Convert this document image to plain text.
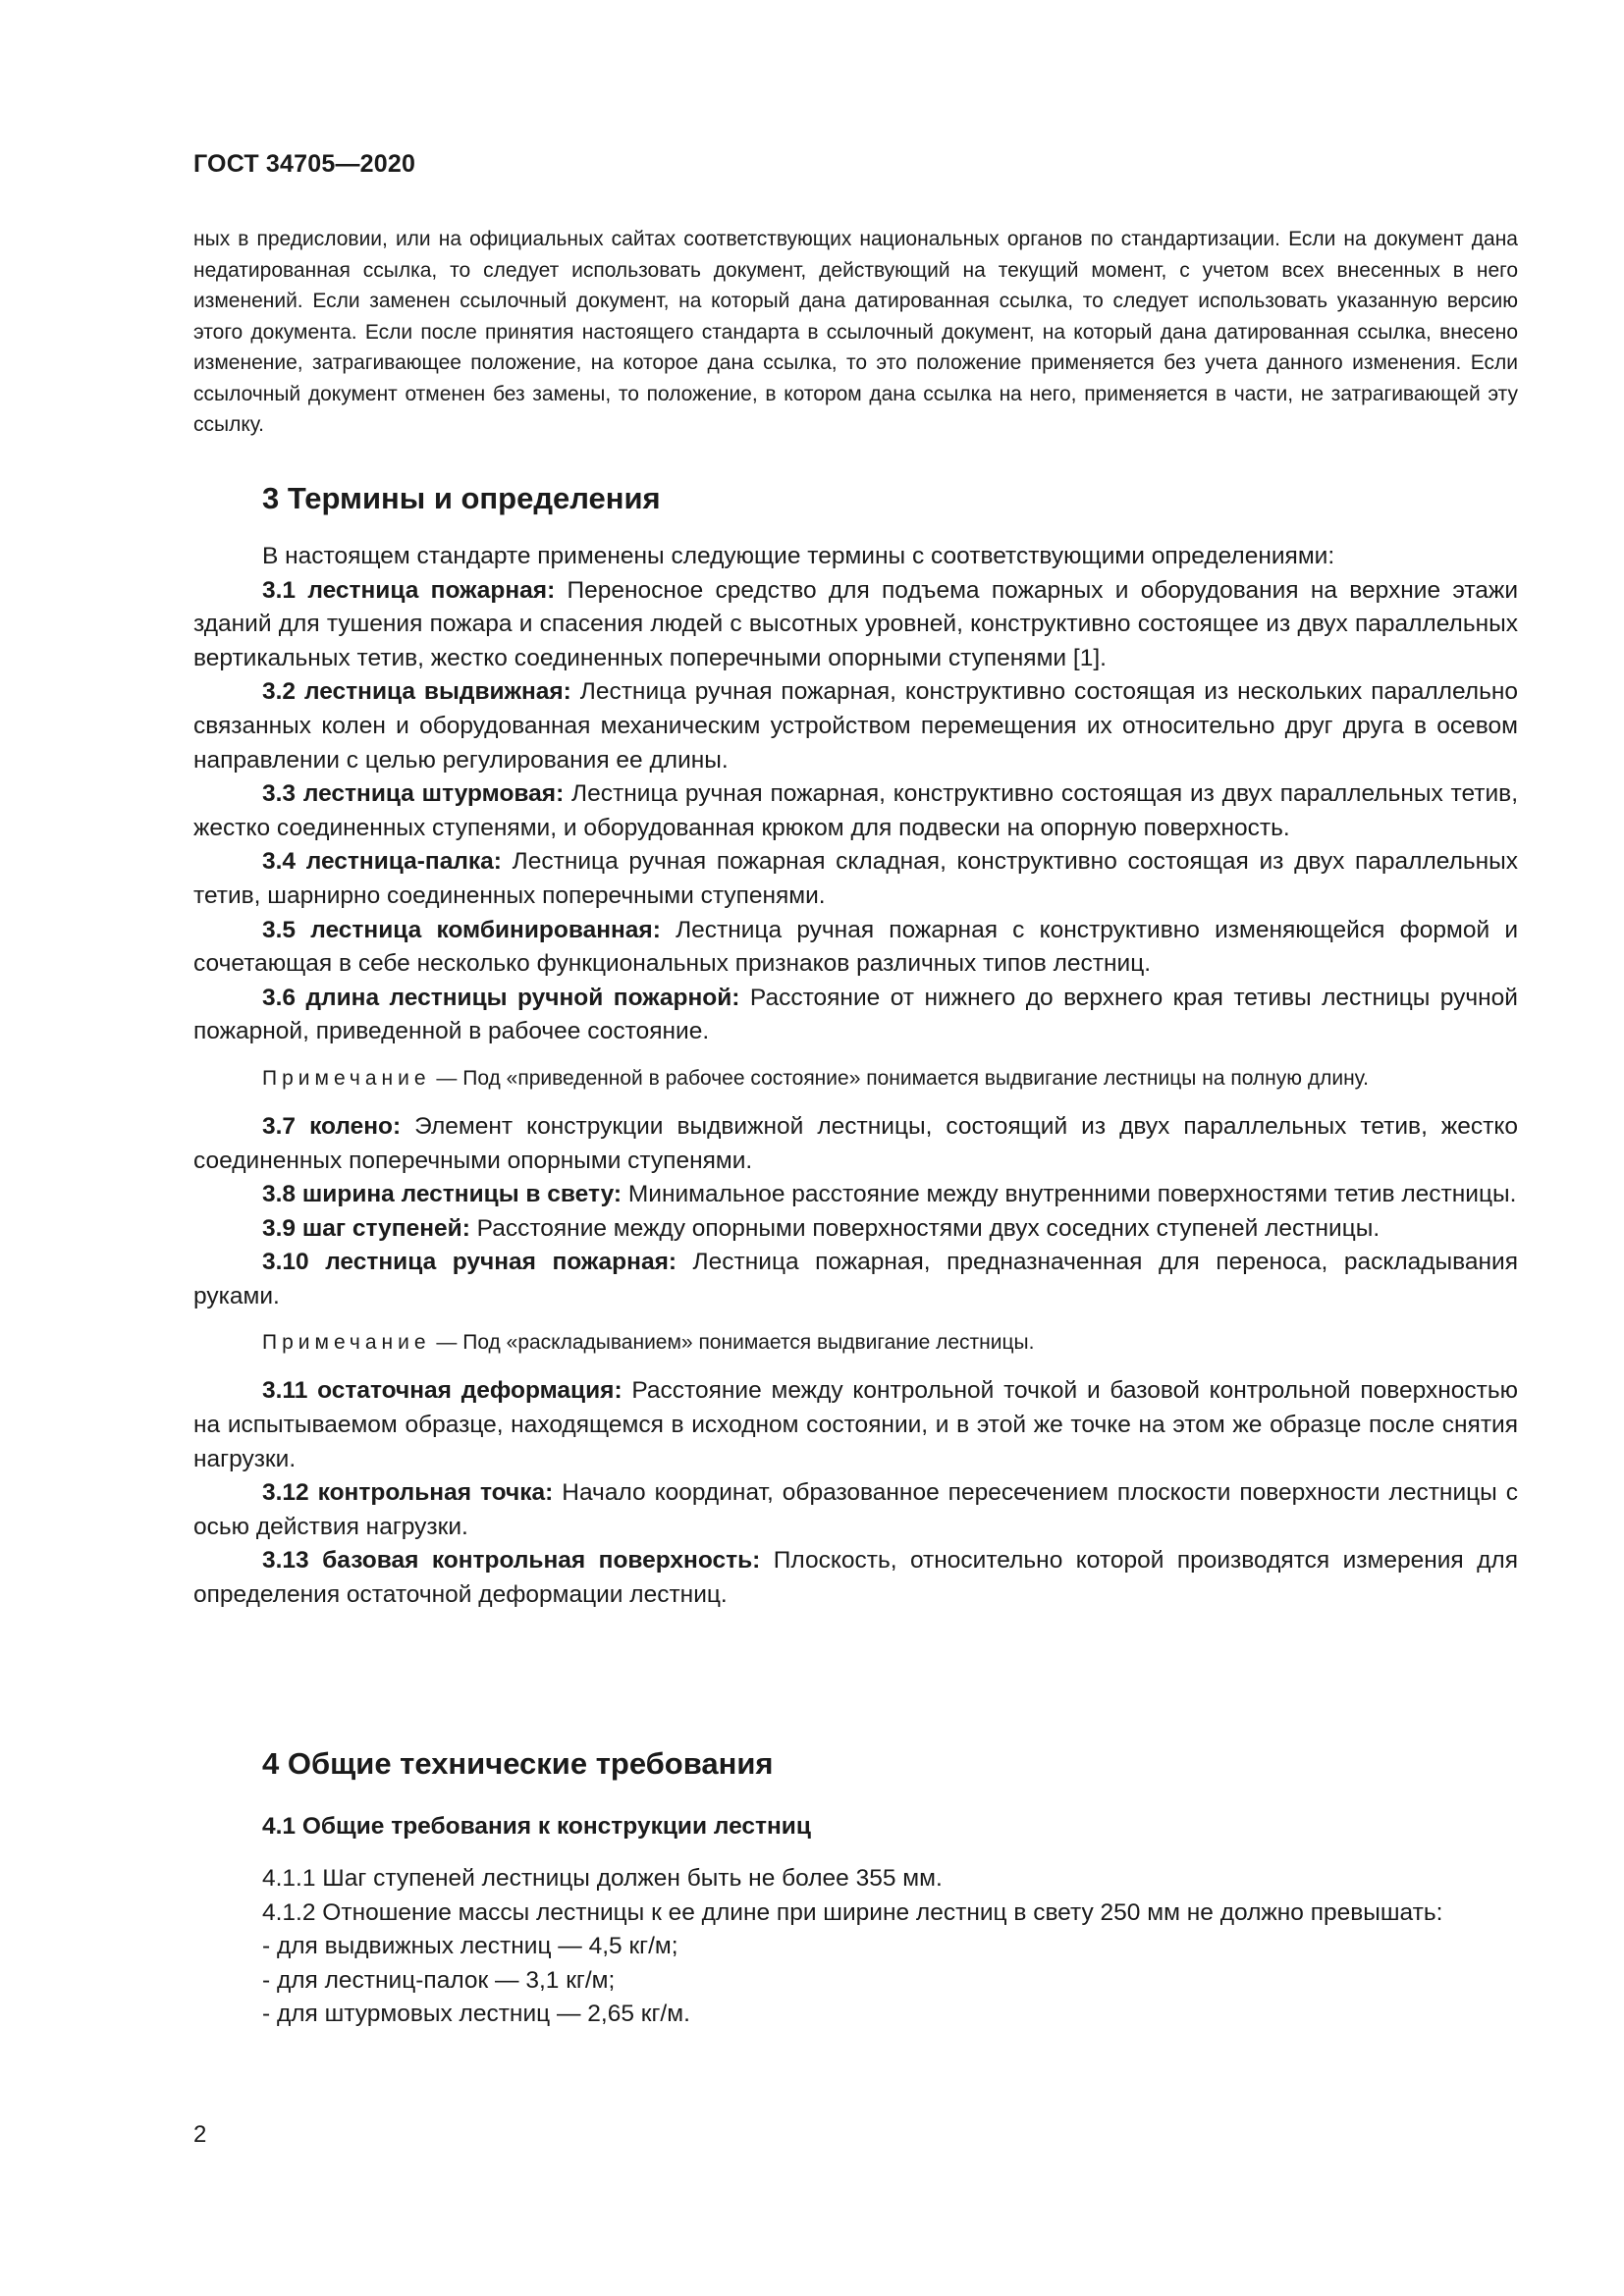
ГОСТ 34705—2020

ных в предисловии, или на официальных сайтах соответствующих национальных органов по стандартизации. Если на документ дана недатированная ссылка, то следует использовать документ, действующий на текущий момент, с учетом всех внесенных в него изменений. Если заменен ссылочный документ, на который дана датированная ссылка, то следует использовать указанную версию этого документа. Если после принятия настоящего стандарта в ссылочный документ, на который дана датированная ссылка, внесено изменение, затрагивающее положение, на которое дана ссылка, то это положение применяется без учета данного изменения. Если ссылочный документ отменен без замены, то положение, в котором дана ссылка на него, применяется в части, не затрагивающей эту ссылку.

3 Термины и определения

В настоящем стандарте применены следующие термины с соответствующими определениями:

3.1 лестница пожарная: Переносное средство для подъема пожарных и оборудования на верхние этажи зданий для тушения пожара и спасения людей с высотных уровней, конструктивно состоящее из двух параллельных вертикальных тетив, жестко соединенных поперечными опорными ступенями [1].

3.2 лестница выдвижная: Лестница ручная пожарная, конструктивно состоящая из нескольких параллельно связанных колен и оборудованная механическим устройством перемещения их относительно друг друга в осевом направлении с целью регулирования ее длины.

3.3 лестница штурмовая: Лестница ручная пожарная, конструктивно состоящая из двух параллельных тетив, жестко соединенных ступенями, и оборудованная крюком для подвески на опорную поверхность.

3.4 лестница-палка: Лестница ручная пожарная складная, конструктивно состоящая из двух параллельных тетив, шарнирно соединенных поперечными ступенями.

3.5 лестница комбинированная: Лестница ручная пожарная с конструктивно изменяющейся формой и сочетающая в себе несколько функциональных признаков различных типов лестниц.

3.6 длина лестницы ручной пожарной: Расстояние от нижнего до верхнего края тетивы лестницы ручной пожарной, приведенной в рабочее состояние.

Примечание — Под «приведенной в рабочее состояние» понимается выдвигание лестницы на полную длину.

3.7 колено: Элемент конструкции выдвижной лестницы, состоящий из двух параллельных тетив, жестко соединенных поперечными опорными ступенями.

3.8 ширина лестницы в свету: Минимальное расстояние между внутренними поверхностями тетив лестницы.

3.9 шаг ступеней: Расстояние между опорными поверхностями двух соседних ступеней лестницы.

3.10 лестница ручная пожарная: Лестница пожарная, предназначенная для переноса, раскладывания руками.

Примечание — Под «раскладыванием» понимается выдвигание лестницы.

3.11 остаточная деформация: Расстояние между контрольной точкой и базовой контрольной поверхностью на испытываемом образце, находящемся в исходном состоянии, и в этой же точке на этом же образце после снятия нагрузки.

3.12 контрольная точка: Начало координат, образованное пересечением плоскости поверхности лестницы с осью действия нагрузки.

3.13 базовая контрольная поверхность: Плоскость, относительно которой производятся измерения для определения остаточной деформации лестниц.

4 Общие технические требования
4.1 Общие требования к конструкции лестниц

4.1.1 Шаг ступеней лестницы должен быть не более 355 мм.

4.1.2 Отношение массы лестницы к ее длине при ширине лестниц в свету 250 мм не должно превышать:

- для выдвижных лестниц — 4,5 кг/м;

- для лестниц-палок — 3,1 кг/м;

- для штурмовых лестниц — 2,65 кг/м.

2
